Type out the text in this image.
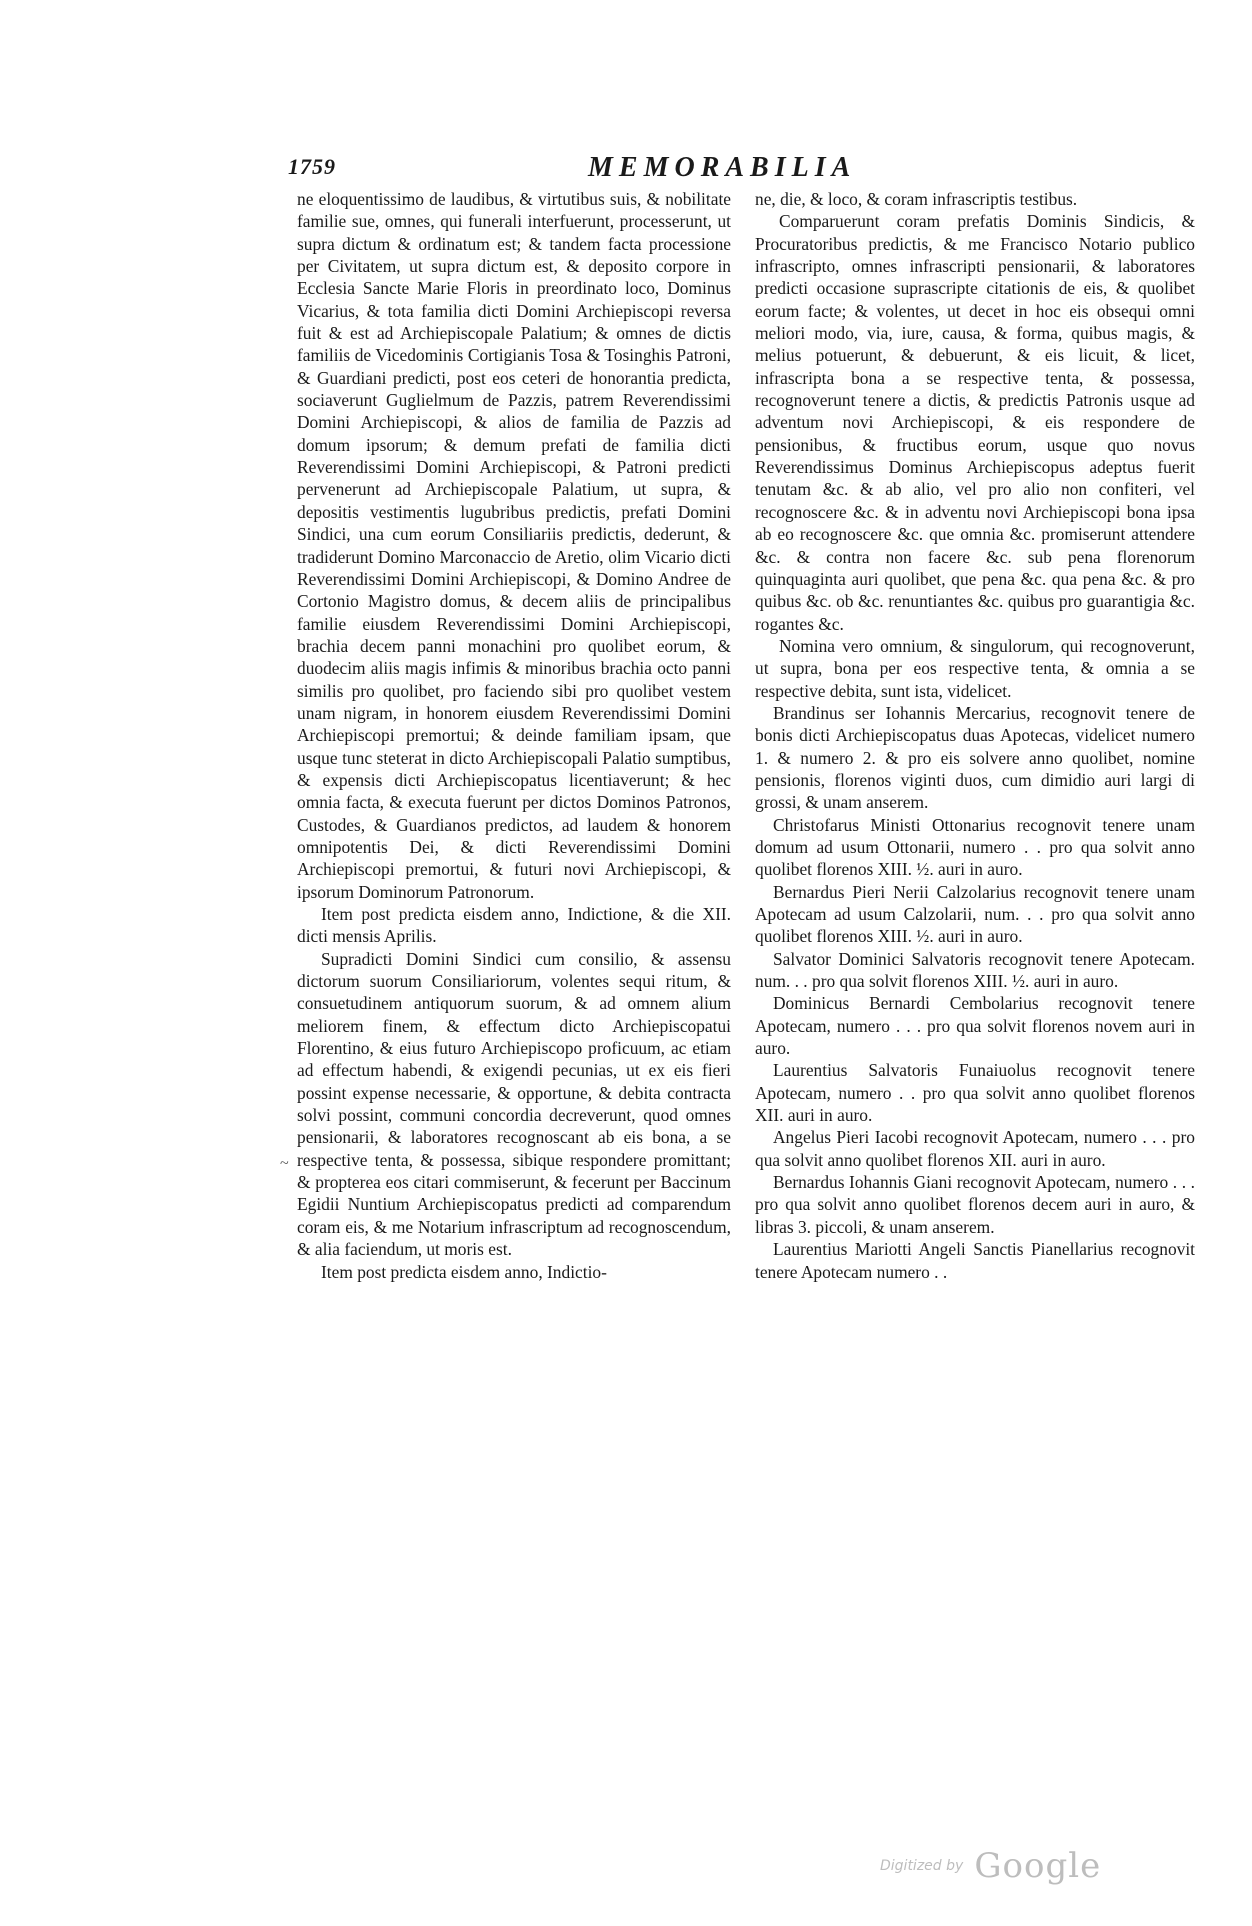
1759	MEMORABILIA

ne eloquentissimo de laudibus, & virtutibus suis, & nobilitate familie sue, omnes, qui funerali interfuerunt, processerunt, ut supra dictum & ordinatum est; & tandem facta processione per Civitatem, ut supra dictum est, & deposito corpore in Ecclesia Sancte Marie Floris in preordinato loco, Dominus Vicarius, & tota familia dicti Domini Archiepiscopi reversa fuit & est ad Archiepiscopale Palatium; & omnes de dictis familiis de Vicedominis Cortigianis Tosa & Tosinghis Patroni, & Guardiani predicti, post eos ceteri de honorantia predicta, sociaverunt Guglielmum de Pazzis, patrem Reverendissimi Domini Archiepiscopi, & alios de familia de Pazzis ad domum ipsorum; & demum prefati de familia dicti Reverendissimi Domini Archiepiscopi, & Patroni predicti pervenerunt ad Archiepiscopale Palatium, ut supra, & depositis vestimentis lugubribus predictis, prefati Domini Sindici, una cum eorum Consiliariis predictis, dederunt, & tradiderunt Domino Marconaccio de Aretio, olim Vicario dicti Reverendissimi Domini Archiepiscopi, & Domino Andree de Cortonio Magistro domus, & decem aliis de principalibus familie eiusdem Reverendissimi Domini Archiepiscopi, brachia decem panni monachini pro quolibet eorum, & duodecim aliis magis infimis & minoribus brachia octo panni similis pro quolibet, pro faciendo sibi pro quolibet vestem unam nigram, in honorem eiusdem Reverendissimi Domini Archiepiscopi premortui; & deinde familiam ipsam, que usque tunc steterat in dicto Archiepiscopali Palatio sumptibus, & expensis dicti Archiepiscopatus licentiaverunt; & hec omnia facta, & executa fuerunt per dictos Dominos Patronos, Custodes, & Guardianos predictos, ad laudem & honorem omnipotentis Dei, & dicti Reverendissimi Domini Archiepiscopi premortui, & futuri novi Archiepiscopi, & ipsorum Dominorum Patronorum.

Item post predicta eisdem anno, Indictione, & die XII. dicti mensis Aprilis.

Supradicti Domini Sindici cum consilio, & assensu dictorum suorum Consiliariorum, volentes sequi ritum, & consuetudinem antiquorum suorum, & ad omnem alium meliorem finem, & effectum dicto Archiepiscopatui Florentino, & eius futuro Archiepiscopo proficuum, ac etiam ad effectum habendi, & exigendi pecunias, ut ex eis fieri possint expense necessarie, & opportune, & debita contracta solvi possint, communi concordia decreverunt, quod omnes pensionarii, & laboratores recognoscant ab eis bona, a se respective tenta, & possessa, sibique respondere promittant; & propterea eos citari commiserunt, & fecerunt per Baccinum Egidii Nuntium Archiepiscopatus predicti ad comparendum coram eis, & me Notarium infrascriptum ad recognoscendum, & alia faciendum, ut moris est.

Item post predicta eisdem anno, Indictio-

ne, die, & loco, & coram infrascriptis testibus.

Comparuerunt coram prefatis Dominis Sindicis, & Procuratoribus predictis, & me Francisco Notario publico infrascripto, omnes infrascripti pensionarii, & laboratores predicti occasione suprascripte citationis de eis, & quolibet eorum facte; & volentes, ut decet in hoc eis obsequi omni meliori modo, via, iure, causa, & forma, quibus magis, & melius potuerunt, & debuerunt, & eis licuit, & licet, infrascripta bona a se respective tenta, & possessa, recognoverunt tenere a dictis, & predictis Patronis usque ad adventum novi Archiepiscopi, & eis respondere de pensionibus, & fructibus eorum, usque quo novus Reverendissimus Dominus Archiepiscopus adeptus fuerit tenutam &c. & ab alio, vel pro alio non confiteri, vel recognoscere &c. & in adventu novi Archiepiscopi bona ipsa ab eo recognoscere &c. que omnia &c. promiserunt attendere &c. & contra non facere &c. sub pena florenorum quinquaginta auri quolibet, que pena &c. qua pena &c. & pro quibus &c. ob &c. renuntiantes &c. quibus pro guarantigia &c. rogantes &c.

Nomina vero omnium, & singulorum, qui recognoverunt, ut supra, bona per eos respective tenta, & omnia a se respective debita, sunt ista, videlicet.

Brandinus ser Iohannis Mercarius, recognovit tenere de bonis dicti Archiepiscopatus duas Apotecas, videlicet numero 1. & numero 2. & pro eis solvere anno quolibet, nomine pensionis, florenos viginti duos, cum dimidio auri largi di grossi, & unam anserem.

Christofarus Ministi Ottonarius recognovit tenere unam domum ad usum Ottonarii, numero . . pro qua solvit anno quolibet florenos XIII. ½. auri in auro.

Bernardus Pieri Nerii Calzolarius recognovit tenere unam Apotecam ad usum Calzolarii, num. . . pro qua solvit anno quolibet florenos XIII. ½. auri in auro.

Salvator Dominici Salvatoris recognovit tenere Apotecam. num. . . pro qua solvit florenos XIII. ½. auri in auro.

Dominicus Bernardi Cembolarius recognovit tenere Apotecam, numero . . . pro qua solvit florenos novem auri in auro.

Laurentius Salvatoris Funaiuolus recognovit tenere Apotecam, numero . . pro qua solvit anno quolibet florenos XII. auri in auro.

Angelus Pieri Iacobi recognovit Apotecam, numero . . . pro qua solvit anno quolibet florenos XII. auri in auro.

Bernardus Iohannis Giani recognovit Apotecam, numero . . . pro qua solvit anno quolibet florenos decem auri in auro, & libras 3. piccoli, & unam anserem.

Laurentius Mariotti Angeli Sanctis Pianellarius recognovit tenere Apotecam numero . .

~
Digitized by Google
